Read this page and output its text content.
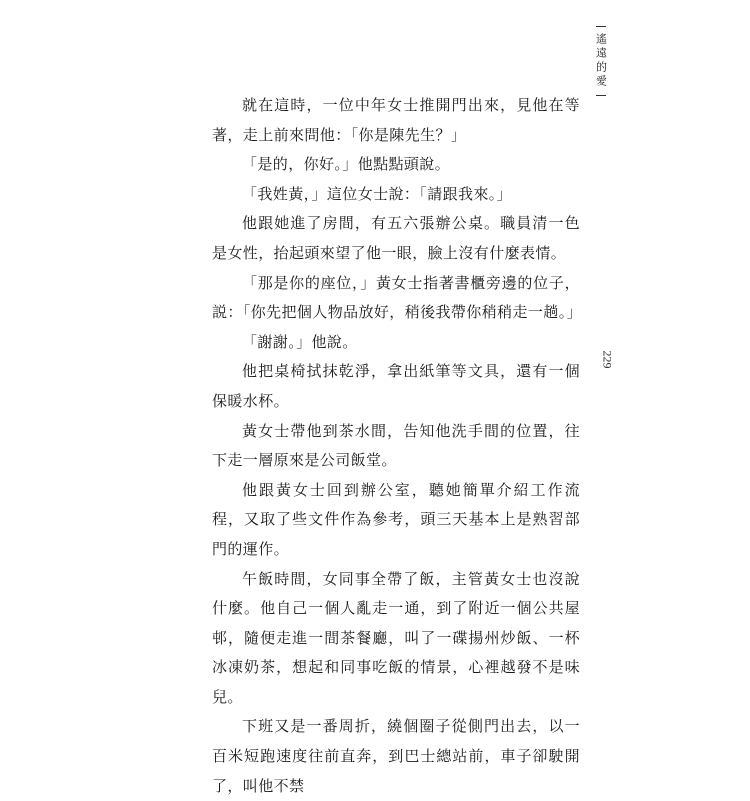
遙遠的愛
229

就在這時，一位中年女士推開門出來，見他在等著，走上前來問他：「你是陳先生？」

「是的，你好。」他點點頭說。

「我姓黃，」這位女士說：「請跟我來。」

他跟她進了房間，有五六張辦公桌。職員清一色是女性，抬起頭來望了他一眼，臉上沒有什麼表情。

「那是你的座位，」黃女士指著書櫃旁邊的位子，説：「你先把個人物品放好，稍後我帶你稍稍走一趟。」

「謝謝。」他說。

他把桌椅拭抹乾淨，拿出紙筆等文具，還有一個保暖水杯。

黃女士帶他到茶水間，告知他洗手間的位置，往下走一層原來是公司飯堂。

他跟黃女士回到辦公室，聽她簡單介紹工作流程，又取了些文件作為參考，頭三天基本上是熟習部門的運作。

午飯時間，女同事全帶了飯，主管黃女士也沒說什麼。他自己一個人亂走一通，到了附近一個公共屋邨，隨便走進一間茶餐廳，叫了一碟揚州炒飯、一杯冰凍奶茶，想起和同事吃飯的情景，心裡越發不是味兒。

下班又是一番周折，繞個圈子從側門出去，以一百米短跑速度往前直奔，到巴士總站前，車子卻駛開了，叫他不禁
